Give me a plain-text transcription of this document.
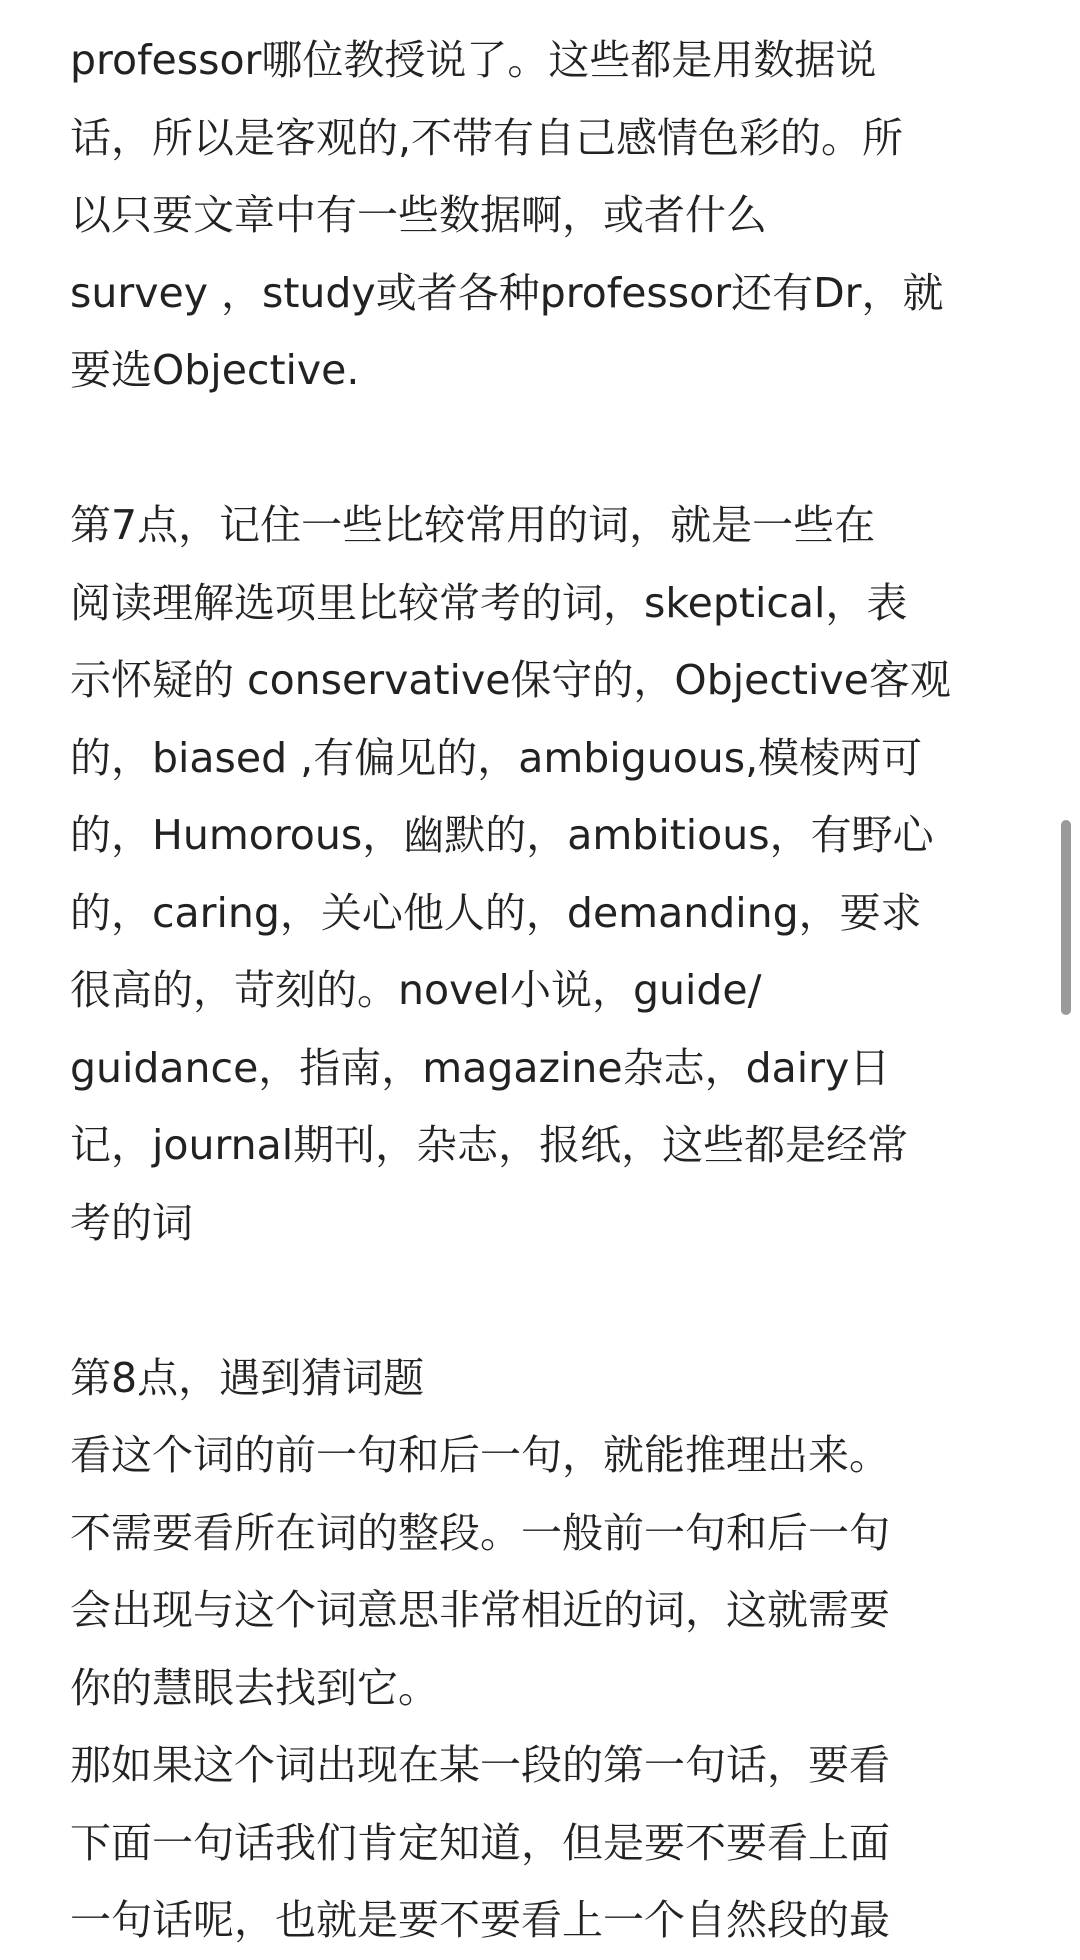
professor哪位教授说了。这些都是用数据说
话，所以是客观的,不带有自己感情色彩的。所
以只要文章中有一些数据啊，或者什么
survey ，study或者各种professor还有Dr，就
要选Objective.
第7点，记住一些比较常用的词，就是一些在
阅读理解选项里比较常考的词，skeptical，表
示怀疑的 conservative保守的，Objective客观
的，biased ,有偏见的，ambiguous,模棱两可
的，Humorous，幽默的，ambitious，有野心
的，caring，关心他人的，demanding，要求
很高的，苛刻的。novel小说，guide/
guidance，指南，magazine杂志，dairy日
记，journal期刊，杂志，报纸，这些都是经常
考的词
第8点，遇到猜词题
看这个词的前一句和后一句，就能推理出来。
不需要看所在词的整段。一般前一句和后一句
会出现与这个词意思非常相近的词，这就需要
你的慧眼去找到它。
那如果这个词出现在某一段的第一句话，要看
下面一句话我们肯定知道，但是要不要看上面
一句话呢，也就是要不要看上一个自然段的最
